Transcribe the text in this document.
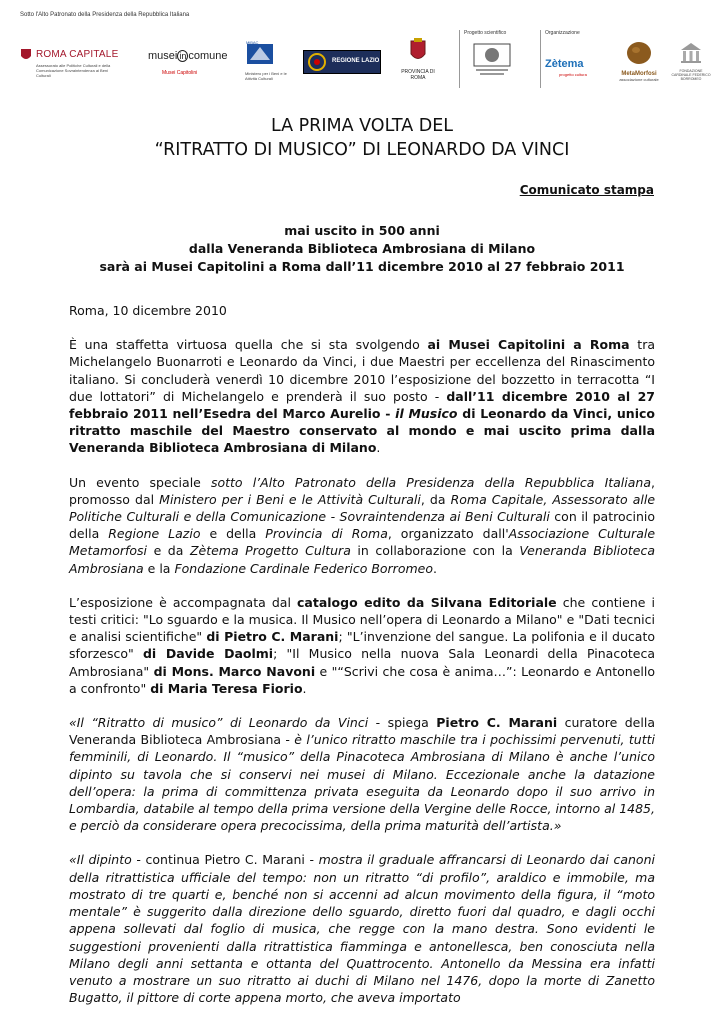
Sotto l'Alto Patronato della Presidenza della Repubblica Italiana
ROMA CAPITALE
Assessorato alle Politiche Culturali e della Comunicazione Sovraintendenza ai Beni Culturali
musei in comune
Musei Capitolini	Ministero per i Beni e le Attività Culturali
MiBAC
REGIONE LAZIO
PROVINCIA DI ROMA
Progetto scientifico	Organizzazione
Zètema
progetto cultura	MetaMorfosi
associazione culturale
FONDAZIONE CARDINALE FEDERICO BORROMEO
LA PRIMA VOLTA DEL
“RITRATTO DI MUSICO” DI LEONARDO DA VINCI
Comunicato stampa
mai uscito in 500 anni
dalla Veneranda Biblioteca Ambrosiana di Milano
sarà ai Musei Capitolini a Roma dall’11 dicembre 2010 al 27 febbraio 2011

Roma, 10 dicembre 2010

È una staffetta virtuosa quella che si sta svolgendo ai Musei Capitolini a Roma tra Michelangelo Buonarroti e Leonardo da Vinci, i due Maestri per eccellenza del Rinascimento italiano. Si concluderà venerdì 10 dicembre 2010 l’esposizione del bozzetto in terracotta “I due lottatori” di Michelangelo e prenderà il suo posto - dall’11 dicembre 2010 al 27 febbraio 2011 nell’Esedra del Marco Aurelio - il Musico di Leonardo da Vinci, unico ritratto maschile del Maestro conservato al mondo e mai uscito prima dalla Veneranda Biblioteca Ambrosiana di Milano.

Un evento speciale sotto l’Alto Patronato della Presidenza della Repubblica Italiana, promosso dal Ministero per i Beni e le Attività Culturali, da Roma Capitale, Assessorato alle Politiche Culturali e della Comunicazione - Sovraintendenza ai Beni Culturali con il patrocinio della Regione Lazio e della Provincia di Roma, organizzato dall'Associazione Culturale Metamorfosi e da Zètema Progetto Cultura in collaborazione con la Veneranda Biblioteca Ambrosiana e la Fondazione Cardinale Federico Borromeo.

L’esposizione è accompagnata dal catalogo edito da Silvana Editoriale che contiene i testi critici: "Lo sguardo e la musica. Il Musico nell’opera di Leonardo a Milano" e "Dati tecnici e analisi scientifiche" di Pietro C. Marani; "L’invenzione del sangue. La polifonia e il ducato sforzesco" di Davide Daolmi; "Il Musico nella nuova Sala Leonardi della Pinacoteca Ambrosiana" di Mons. Marco Navoni e "“Scrivi che cosa è anima…”: Leonardo e Antonello a confronto" di Maria Teresa Fiorio.

«Il “Ritratto di musico” di Leonardo da Vinci - spiega Pietro C. Marani curatore della Veneranda Biblioteca Ambrosiana - è l’unico ritratto maschile tra i pochissimi pervenuti, tutti femminili, di Leonardo. Il “musico” della Pinacoteca Ambrosiana di Milano è anche l’unico dipinto su tavola che si conservi nei musei di Milano. Eccezionale anche la datazione dell’opera: la prima di committenza privata eseguita da Leonardo dopo il suo arrivo in Lombardia, databile al tempo della prima versione della Vergine delle Rocce, intorno al 1485, e perciò da considerare opera precocissima, della prima maturità dell’artista.»

«Il dipinto - continua Pietro C. Marani - mostra il graduale affrancarsi di Leonardo dai canoni della ritrattistica ufficiale del tempo: non un ritratto “di profilo”, araldico e immobile, ma mostrato di tre quarti e, benché non si accenni ad alcun movimento della figura, il “moto mentale” è suggerito dalla direzione dello sguardo, diretto fuori dal quadro, e dagli occhi appena sollevati dal foglio di musica, che regge con la mano destra. Sono evidenti le suggestioni provenienti dalla ritrattistica fiamminga e antonellesca, ben conosciuta nella Milano degli anni settanta e ottanta del Quattrocento. Antonello da Messina era infatti venuto a mostrare un suo ritratto ai duchi di Milano nel 1476, dopo la morte di Zanetto Bugatto, il pittore di corte appena morto, che aveva importato
